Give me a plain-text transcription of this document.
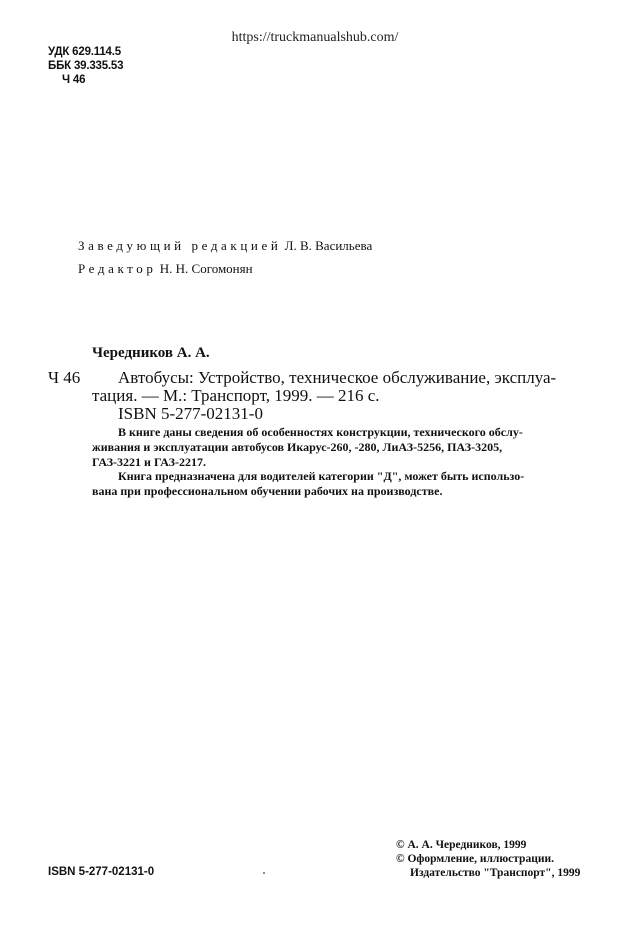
https://truckmanualshub.com/
УДК 629.114.5
ББК 39.335.53
Ч 46
Заведующий редакцией Л. В. Васильева
Редактор Н. Н. Согомонян
Чередников А. А.
Ч 46 Автобусы: Устройство, техническое обслуживание, эксплуа-
тация. — М.: Транспорт, 1999. — 216 с.
ISBN 5-277-02131-0
В книге даны сведения об особенностях конструкции, технического обслу-
живания и эксплуатации автобусов Икарус-260, -280, ЛиАЗ-5256, ПАЗ-3205,
ГАЗ-3221 и ГАЗ-2217.
Книга предназначена для водителей категории "Д", может быть использо-
вана при профессиональном обучении рабочих на производстве.
ISBN 5-277-02131-0
© А. А. Чередников, 1999
© Оформление, иллюстрации.
Издательство "Транспорт", 1999
